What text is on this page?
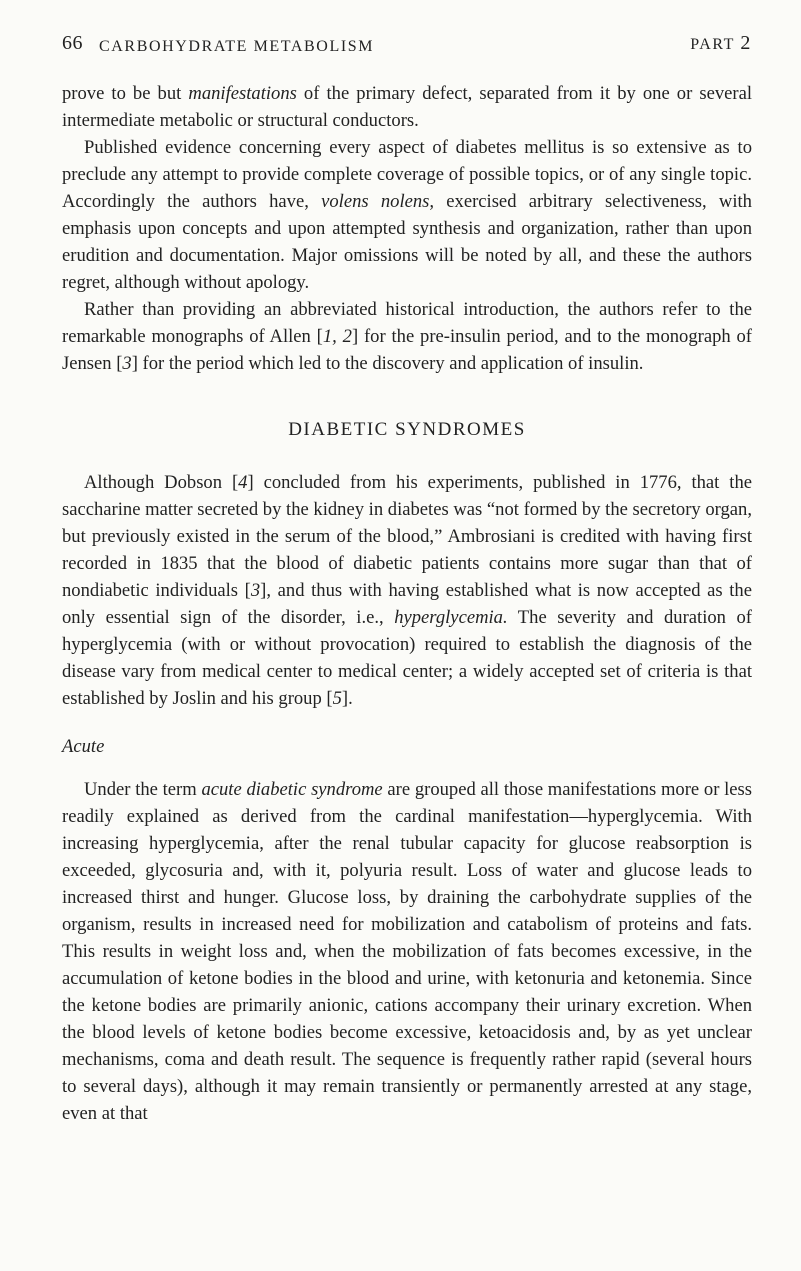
66 CARBOHYDRATE METABOLISM	PART 2

prove to be but manifestations of the primary defect, separated from it by one or several intermediate metabolic or structural conductors.

Published evidence concerning every aspect of diabetes mellitus is so extensive as to preclude any attempt to provide complete coverage of possible topics, or of any single topic. Accordingly the authors have, volens nolens, exercised arbitrary selectiveness, with emphasis upon concepts and upon attempted synthesis and organization, rather than upon erudition and documentation. Major omissions will be noted by all, and these the authors regret, although without apology.

Rather than providing an abbreviated historical introduction, the authors refer to the remarkable monographs of Allen [1, 2] for the pre-insulin period, and to the monograph of Jensen [3] for the period which led to the discovery and application of insulin.

DIABETIC SYNDROMES

Although Dobson [4] concluded from his experiments, published in 1776, that the saccharine matter secreted by the kidney in diabetes was “not formed by the secretory organ, but previously existed in the serum of the blood,” Ambrosiani is credited with having first recorded in 1835 that the blood of diabetic patients contains more sugar than that of nondiabetic individuals [3], and thus with having established what is now accepted as the only essential sign of the disorder, i.e., hyperglycemia. The severity and duration of hyperglycemia (with or without provocation) required to establish the diagnosis of the disease vary from medical center to medical center; a widely accepted set of criteria is that established by Joslin and his group [5].

Acute

Under the term acute diabetic syndrome are grouped all those manifestations more or less readily explained as derived from the cardinal manifestation—hyperglycemia. With increasing hyperglycemia, after the renal tubular capacity for glucose reabsorption is exceeded, glycosuria and, with it, polyuria result. Loss of water and glucose leads to increased thirst and hunger. Glucose loss, by draining the carbohydrate supplies of the organism, results in increased need for mobilization and catabolism of proteins and fats. This results in weight loss and, when the mobilization of fats becomes excessive, in the accumulation of ketone bodies in the blood and urine, with ketonuria and ketonemia. Since the ketone bodies are primarily anionic, cations accompany their urinary excretion. When the blood levels of ketone bodies become excessive, ketoacidosis and, by as yet unclear mechanisms, coma and death result. The sequence is frequently rather rapid (several hours to several days), although it may remain transiently or permanently arrested at any stage, even at that
